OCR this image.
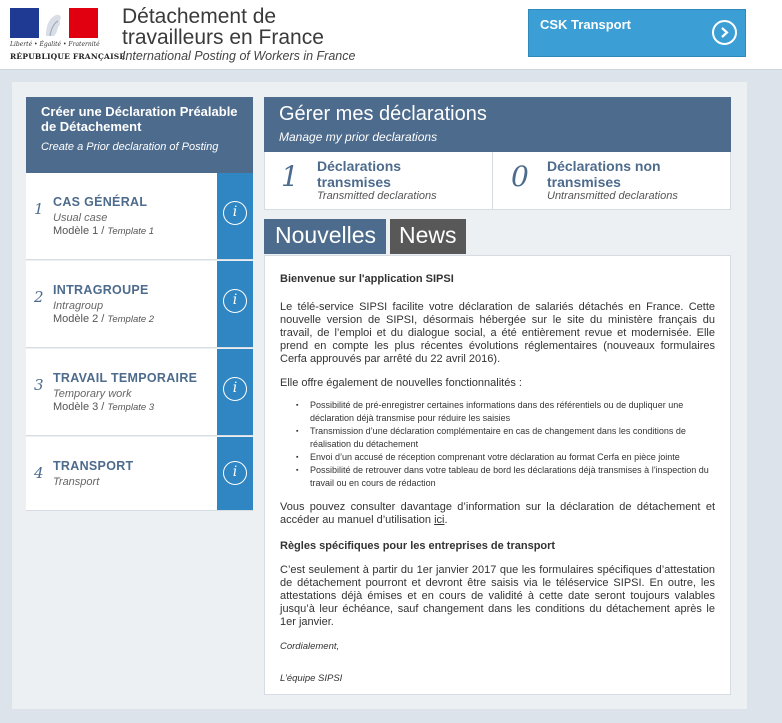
Liberté • Égalité • Fraternité
RÉPUBLIQUE FRANÇAISE
Détachement de
travailleurs en France
International Posting of Workers in France
CSK Transport
Créer une Déclaration Préalable de Détachement
Create a Prior declaration of Posting
1 CAS GÉNÉRAL
Usual case
Modèle 1 / Template 1
i
2 INTRAGROUPE
Intragroup
Modèle 2 / Template 2
i
3 TRAVAIL TEMPORAIRE
Temporary work
Modèle 3 / Template 3
i
4 TRANSPORT
Transport
i
Gérer mes déclarations
Manage my prior declarations
1 Déclarations transmises
Transmitted declarations
0 Déclarations non transmises
Untransmitted declarations
Nouvelles	News
Bienvenue sur l'application SIPSI

Le télé-service SIPSI facilite votre déclaration de salariés détachés en France. Cette nouvelle version de SIPSI, désormais hébergée sur le site du ministère français du travail, de l’emploi et du dialogue social, a été entièrement revue et modernisée. Elle prend en compte les plus récentes évolutions réglementaires (nouveaux formulaires Cerfa approuvés par arrêté du 22 avril 2016).

Elle offre également de nouvelles fonctionnalités :

▪ Possibilité de pré-enregistrer certaines informations dans des référentiels ou de dupliquer une déclaration déjà transmise pour réduire les saisies
▪ Transmission d’une déclaration complémentaire en cas de changement dans les conditions de réalisation du détachement
▪ Envoi d’un accusé de réception comprenant votre déclaration au format Cerfa en pièce jointe
▪ Possibilité de retrouver dans votre tableau de bord les déclarations déjà transmises à l’inspection du travail ou en cours de rédaction

Vous pouvez consulter davantage d’information sur la déclaration de détachement et accéder au manuel d’utilisation ici.

Règles spécifiques pour les entreprises de transport

C’est seulement à partir du 1er janvier 2017 que les formulaires spécifiques d’attestation de détachement pourront et devront être saisis via le téléservice SIPSI. En outre, les attestations déjà émises et en cours de validité à cette date seront toujours valables jusqu’à leur échéance, sauf changement dans les conditions du détachement après le 1er janvier.

Cordialement,
L’équipe SIPSI
